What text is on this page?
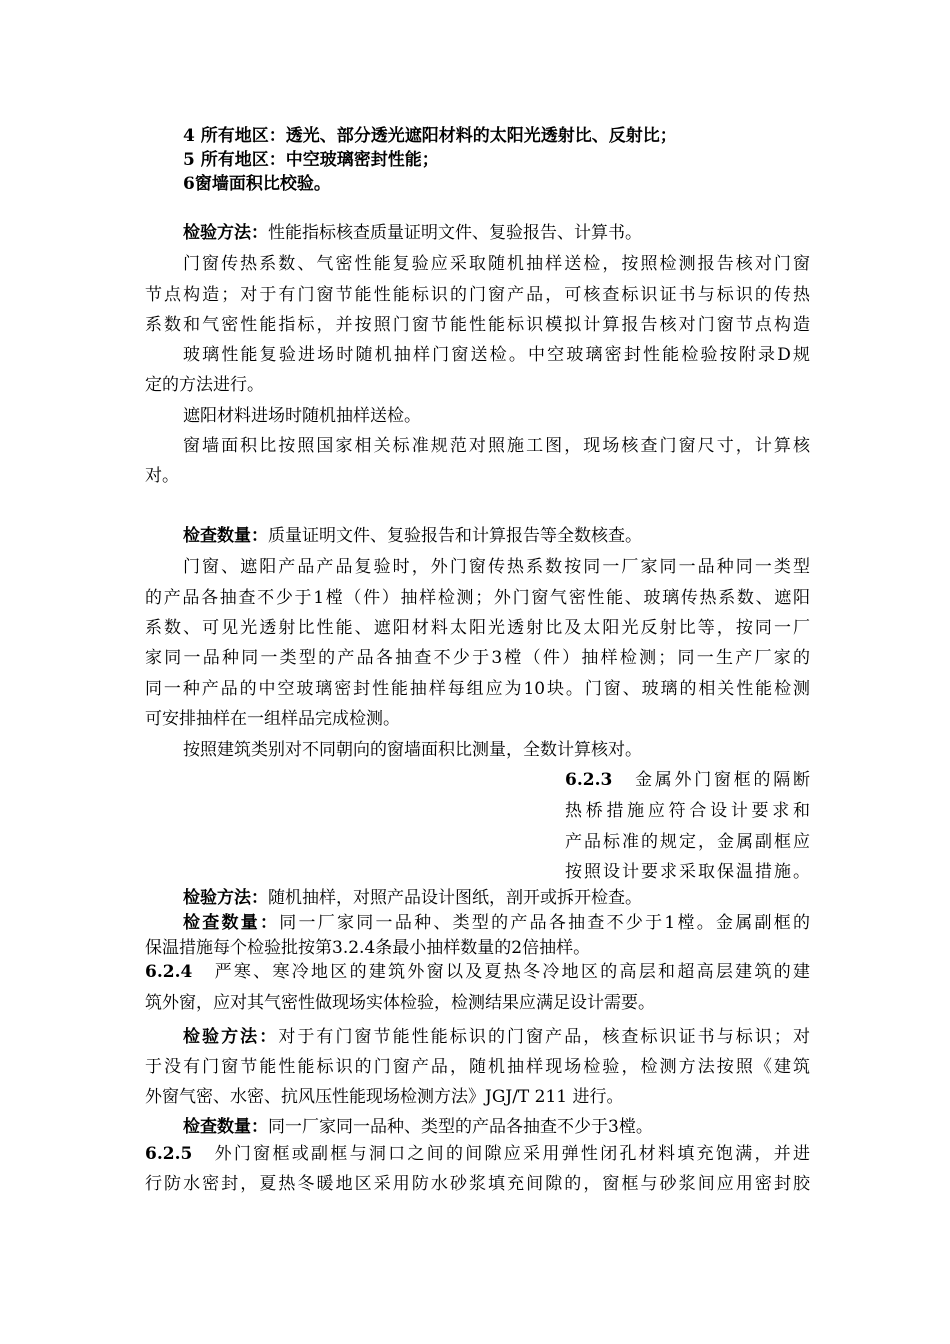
4 所有地区：透光、部分透光遮阳材料的太阳光透射比、反射比；
5 所有地区：中空玻璃密封性能；
6窗墙面积比校验。
检验方法：性能指标核查质量证明文件、复验报告、计算书。
门窗传热系数、气密性能复验应采取随机抽样送检，按照检测报告核对门窗
节点构造；对于有门窗节能性能标识的门窗产品，可核查标识证书与标识的传热
系数和气密性能指标，并按照门窗节能性能标识模拟计算报告核对门窗节点构造
玻璃性能复验进场时随机抽样门窗送检。中空玻璃密封性能检验按附录D规
定的方法进行。
遮阳材料进场时随机抽样送检。
窗墙面积比按照国家相关标准规范对照施工图，现场核查门窗尺寸，计算核
对。
检查数量：质量证明文件、复验报告和计算报告等全数核查。
门窗、遮阳产品产品复验时，外门窗传热系数按同一厂家同一品种同一类型
的产品各抽查不少于1樘（件）抽样检测；外门窗气密性能、玻璃传热系数、遮阳
系数、可见光透射比性能、遮阳材料太阳光透射比及太阳光反射比等，按同一厂
家同一品种同一类型的产品各抽查不少于3樘（件）抽样检测；同一生产厂家的
同一种产品的中空玻璃密封性能抽样每组应为10块。门窗、玻璃的相关性能检测
可安排抽样在一组样品完成检测。
按照建筑类别对不同朝向的窗墙面积比测量，全数计算核对。
6.2.3 金属外门窗框的隔断
热桥措施应符合设计要求和
产品标准的规定，金属副框应
按照设计要求采取保温措施。
检验方法：随机抽样，对照产品设计图纸，剖开或拆开检查。
检查数量：同一厂家同一品种、类型的产品各抽查不少于1樘。金属副框的
保温措施每个检验批按第3.2.4条最小抽样数量的2倍抽样。
6.2.4 严寒、寒冷地区的建筑外窗以及夏热冬冷地区的高层和超高层建筑的建
筑外窗，应对其气密性做现场实体检验，检测结果应满足设计需要。
检验方法：对于有门窗节能性能标识的门窗产品，核查标识证书与标识；对
于没有门窗节能性能标识的门窗产品，随机抽样现场检验，检测方法按照《建筑
外窗气密、水密、抗风压性能现场检测方法》JGJ/T 211 进行。
检查数量：同一厂家同一品种、类型的产品各抽查不少于3樘。
6.2.5 外门窗框或副框与洞口之间的间隙应采用弹性闭孔材料填充饱满，并进
行防水密封，夏热冬暖地区采用防水砂浆填充间隙的，窗框与砂浆间应用密封胶
